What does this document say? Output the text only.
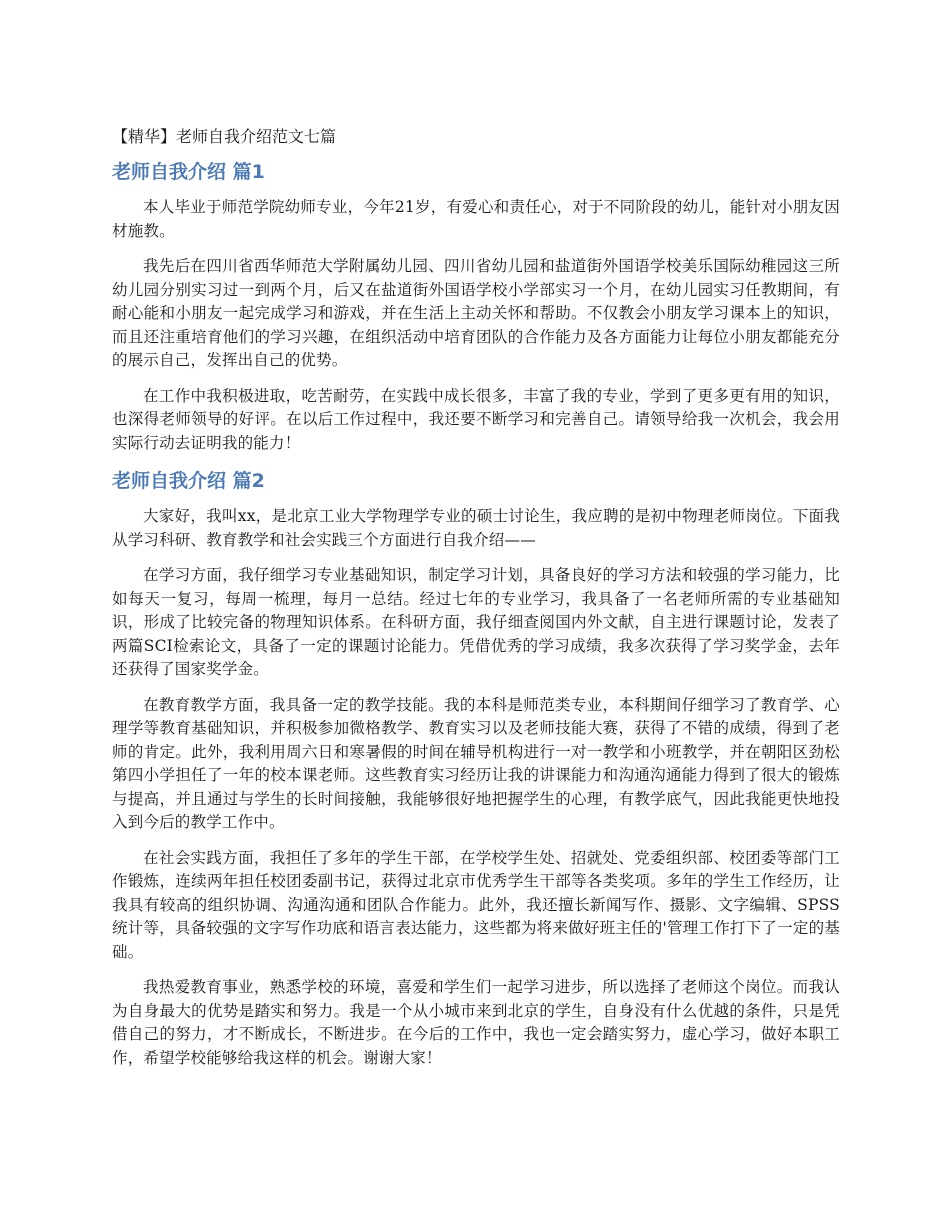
【精华】老师自我介绍范文七篇
老师自我介绍 篇1

本人毕业于师范学院幼师专业，今年21岁，有爱心和责任心，对于不同阶段的幼儿，能针对小朋友因材施教。

我先后在四川省西华师范大学附属幼儿园、四川省幼儿园和盐道街外国语学校美乐国际幼稚园这三所幼儿园分别实习过一到两个月，后又在盐道街外国语学校小学部实习一个月，在幼儿园实习任教期间，有耐心能和小朋友一起完成学习和游戏，并在生活上主动关怀和帮助。不仅教会小朋友学习课本上的知识，而且还注重培育他们的学习兴趣，在组织活动中培育团队的合作能力及各方面能力让每位小朋友都能充分的展示自己，发挥出自己的优势。

在工作中我积极进取，吃苦耐劳，在实践中成长很多，丰富了我的专业，学到了更多更有用的知识，也深得老师领导的好评。在以后工作过程中，我还要不断学习和完善自己。请领导给我一次机会，我会用实际行动去证明我的能力！

老师自我介绍 篇2

大家好，我叫xx，是北京工业大学物理学专业的硕士讨论生，我应聘的是初中物理老师岗位。下面我从学习科研、教育教学和社会实践三个方面进行自我介绍——

在学习方面，我仔细学习专业基础知识，制定学习计划，具备良好的学习方法和较强的学习能力，比如每天一复习，每周一梳理，每月一总结。经过七年的专业学习，我具备了一名老师所需的专业基础知识，形成了比较完备的物理知识体系。在科研方面，我仔细查阅国内外文献，自主进行课题讨论，发表了两篇SCI检索论文，具备了一定的课题讨论能力。凭借优秀的学习成绩，我多次获得了学习奖学金，去年还获得了国家奖学金。

在教育教学方面，我具备一定的教学技能。我的本科是师范类专业，本科期间仔细学习了教育学、心理学等教育基础知识，并积极参加微格教学、教育实习以及老师技能大赛，获得了不错的成绩，得到了老师的肯定。此外，我利用周六日和寒暑假的时间在辅导机构进行一对一教学和小班教学，并在朝阳区劲松第四小学担任了一年的校本课老师。这些教育实习经历让我的讲课能力和沟通沟通能力得到了很大的锻炼与提高，并且通过与学生的长时间接触，我能够很好地把握学生的心理，有教学底气，因此我能更快地投入到今后的教学工作中。

在社会实践方面，我担任了多年的学生干部，在学校学生处、招就处、党委组织部、校团委等部门工作锻炼，连续两年担任校团委副书记，获得过北京市优秀学生干部等各类奖项。多年的学生工作经历，让我具有较高的组织协调、沟通沟通和团队合作能力。此外，我还擅长新闻写作、摄影、文字编辑、SPSS统计等，具备较强的文字写作功底和语言表达能力，这些都为将来做好班主任的'管理工作打下了一定的基础。

我热爱教育事业，熟悉学校的环境，喜爱和学生们一起学习进步，所以选择了老师这个岗位。而我认为自身最大的优势是踏实和努力。我是一个从小城市来到北京的学生，自身没有什么优越的条件，只是凭借自己的努力，才不断成长，不断进步。在今后的工作中，我也一定会踏实努力，虚心学习，做好本职工作，希望学校能够给我这样的机会。谢谢大家！
